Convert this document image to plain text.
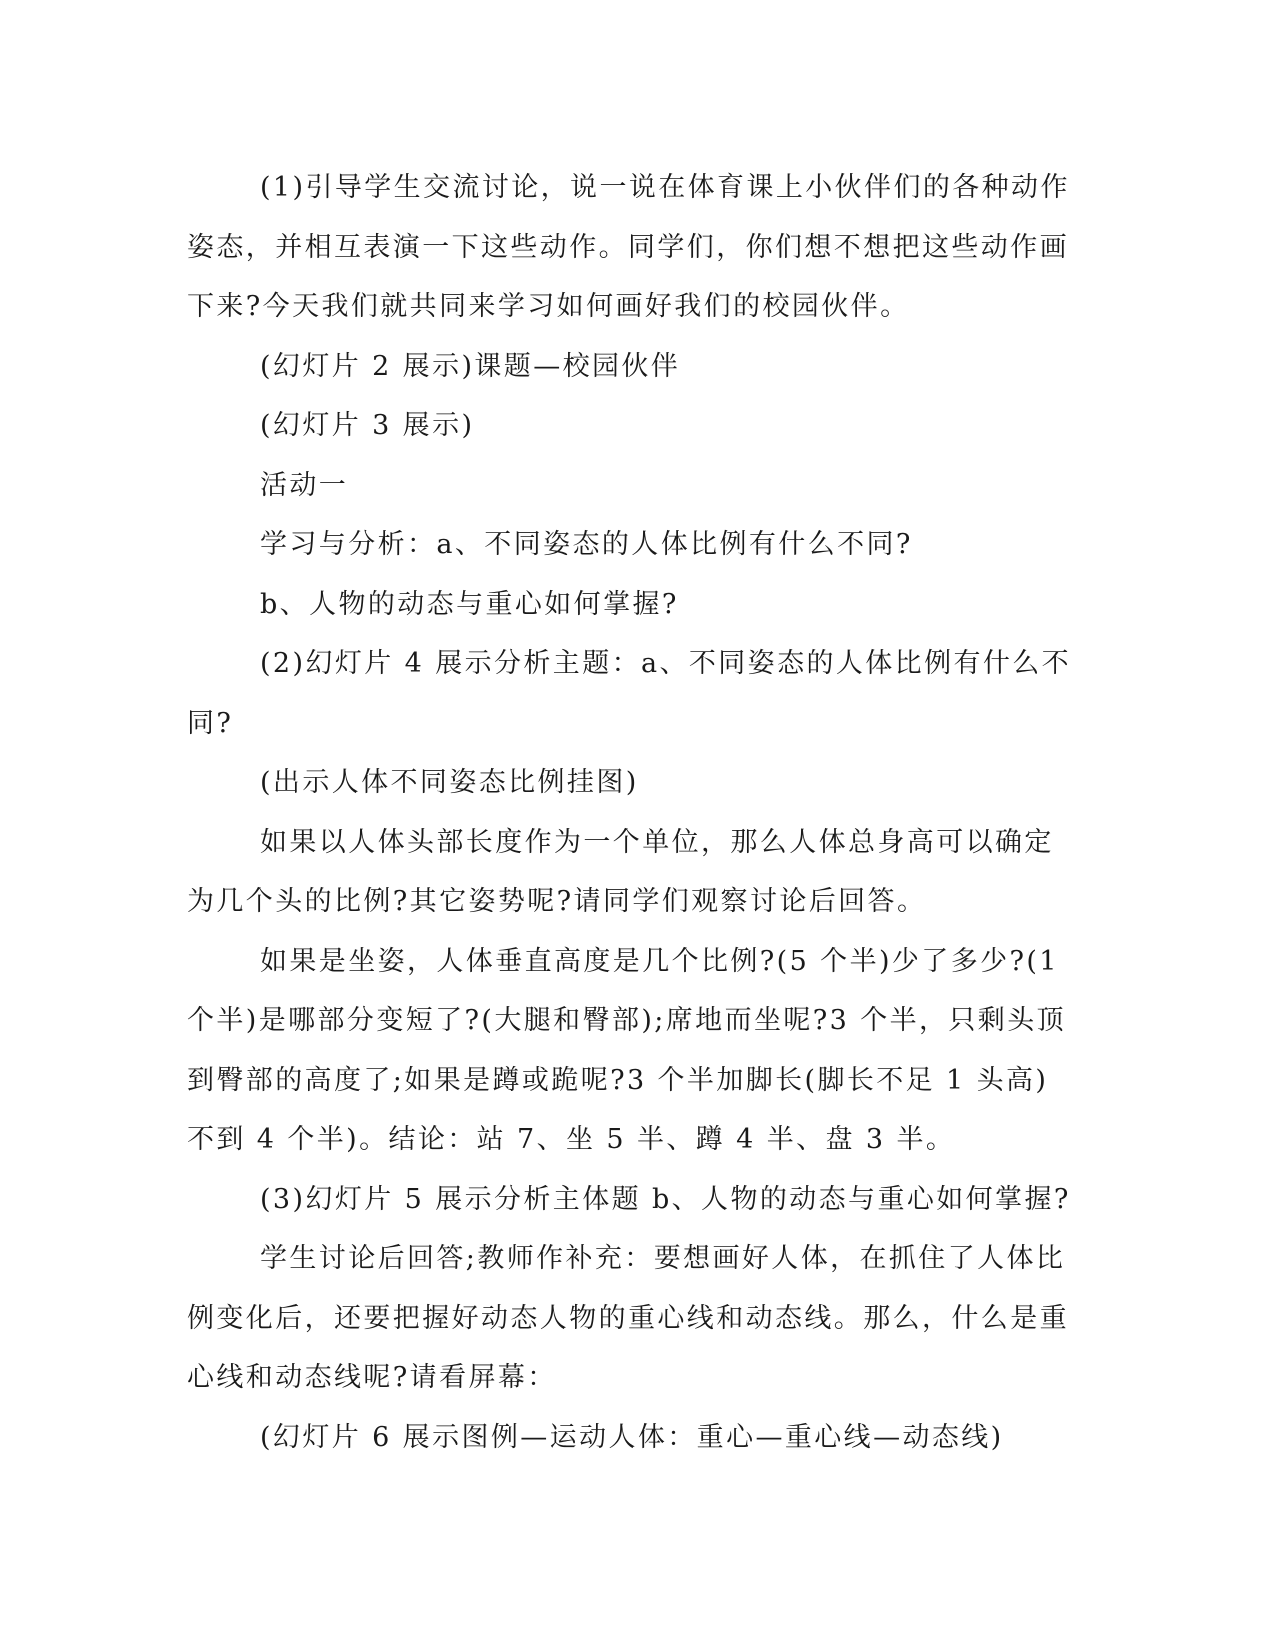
(1)引导学生交流讨论，说一说在体育课上小伙伴们的各种动作姿态，并相互表演一下这些动作。同学们，你们想不想把这些动作画下来?今天我们就共同来学习如何画好我们的校园伙伴。

(幻灯片 2 展示)课题—校园伙伴

(幻灯片 3 展示)

活动一

学习与分析：a、不同姿态的人体比例有什么不同?

b、人物的动态与重心如何掌握?

(2)幻灯片 4 展示分析主题：a、不同姿态的人体比例有什么不同?

(出示人体不同姿态比例挂图)

如果以人体头部长度作为一个单位，那么人体总身高可以确定为几个头的比例?其它姿势呢?请同学们观察讨论后回答。

如果是坐姿，人体垂直高度是几个比例?(5 个半)少了多少?(1 个半)是哪部分变短了?(大腿和臀部);席地而坐呢?3 个半，只剩头顶到臀部的高度了;如果是蹲或跪呢?3 个半加脚长(脚长不足 1 头高)不到 4 个半)。结论：站 7、坐 5 半、蹲 4 半、盘 3 半。

(3)幻灯片 5 展示分析主体题 b、人物的动态与重心如何掌握?

学生讨论后回答;教师作补充：要想画好人体，在抓住了人体比例变化后，还要把握好动态人物的重心线和动态线。那么，什么是重心线和动态线呢?请看屏幕：

(幻灯片 6 展示图例—运动人体：重心—重心线—动态线)
